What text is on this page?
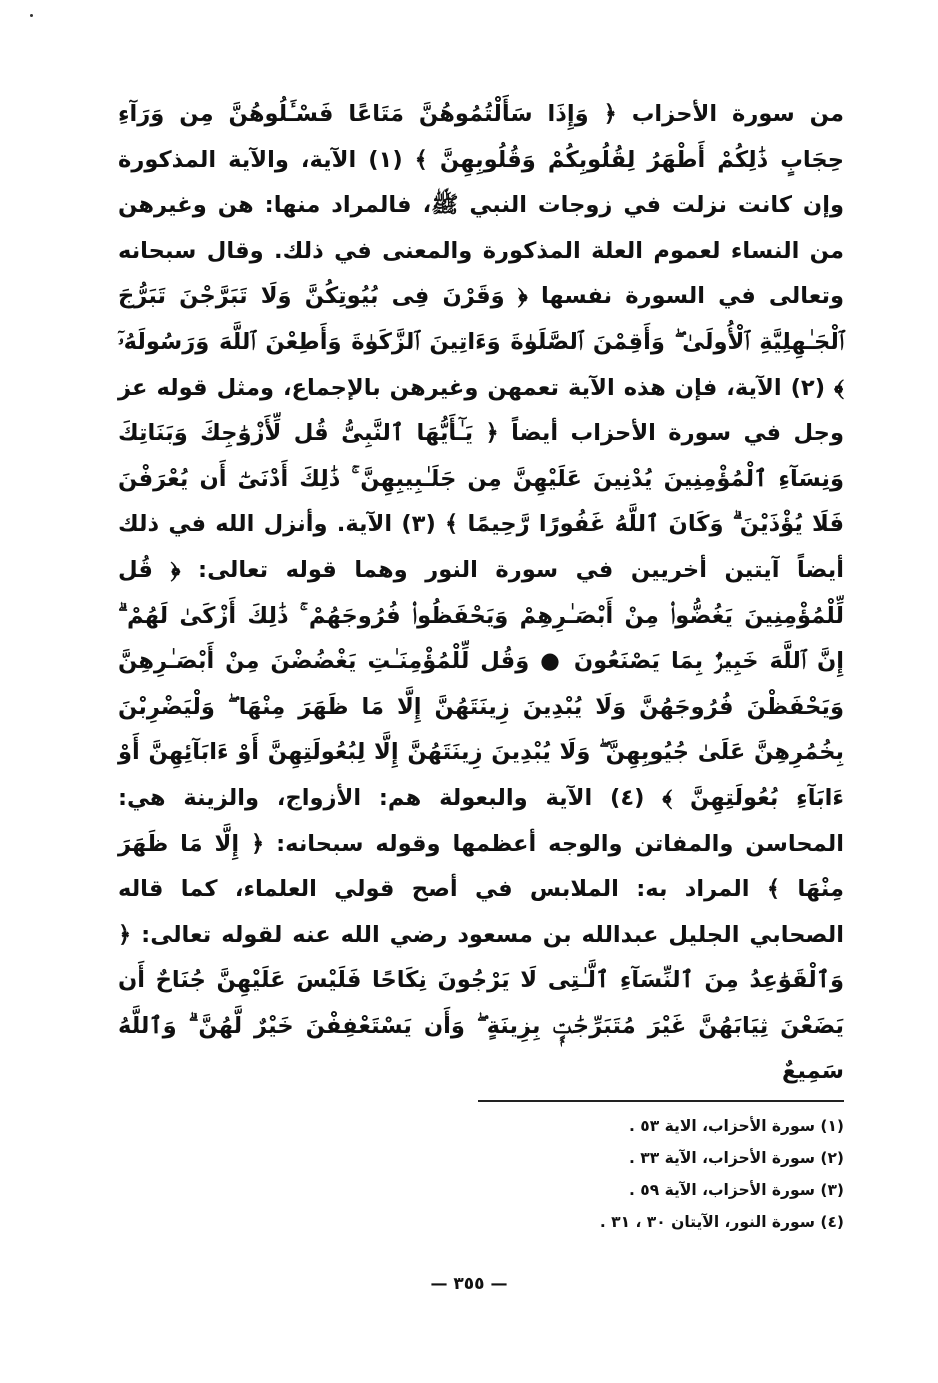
من سورة الأحزاب ﴿ وَإِذَا سَأَلْتُمُوهُنَّ مَتَاعًا فَسْـَٔلُوهُنَّ مِن وَرَآءِ حِجَابٍ ذَٰلِكُمْ أَطْهَرُ لِقُلُوبِكُمْ وَقُلُوبِهِنَّ ﴾ (١) الآية، والآية المذكورة وإن كانت نزلت في زوجات النبي ﷺ، فالمراد منها: هن وغيرهن من النساء لعموم العلة المذكورة والمعنى في ذلك. وقال سبحانه وتعالى في السورة نفسها ﴿ وَقَرْنَ فِى بُيُوتِكُنَّ وَلَا تَبَرَّجْنَ تَبَرُّجَ ٱلْجَـٰهِلِيَّةِ ٱلْأُولَىٰ ۖ وَأَقِمْنَ ٱلصَّلَوٰةَ وَءَاتِينَ ٱلزَّكَوٰةَ وَأَطِعْنَ ٱللَّهَ وَرَسُولَهُۥٓ ﴾ (٢) الآية، فإن هذه الآية تعمهن وغيرهن بالإجماع، ومثل قوله عز وجل في سورة الأحزاب أيضاً ﴿ يَـٰٓأَيُّهَا ٱلنَّبِىُّ قُل لِّأَزْوَٰجِكَ وَبَنَاتِكَ وَنِسَآءِ ٱلْمُؤْمِنِينَ يُدْنِينَ عَلَيْهِنَّ مِن جَلَـٰبِيبِهِنَّ ۚ ذَٰلِكَ أَدْنَىٰٓ أَن يُعْرَفْنَ فَلَا يُؤْذَيْنَ ۗ وَكَانَ ٱللَّهُ غَفُورًا رَّحِيمًا ﴾ (٣) الآية. وأنزل الله في ذلك أيضاً آيتين أخريين في سورة النور وهما قوله تعالى: ﴿ قُل لِّلْمُؤْمِنِينَ يَغُضُّوا۟ مِنْ أَبْصَـٰرِهِمْ وَيَحْفَظُوا۟ فُرُوجَهُمْ ۚ ذَٰلِكَ أَزْكَىٰ لَهُمْ ۗ إِنَّ ٱللَّهَ خَبِيرٌۢ بِمَا يَصْنَعُونَ ● وَقُل لِّلْمُؤْمِنَـٰتِ يَغْضُضْنَ مِنْ أَبْصَـٰرِهِنَّ وَيَحْفَظْنَ فُرُوجَهُنَّ وَلَا يُبْدِينَ زِينَتَهُنَّ إِلَّا مَا ظَهَرَ مِنْهَا ۖ وَلْيَضْرِبْنَ بِخُمُرِهِنَّ عَلَىٰ جُيُوبِهِنَّ ۖ وَلَا يُبْدِينَ زِينَتَهُنَّ إِلَّا لِبُعُولَتِهِنَّ أَوْ ءَابَآئِهِنَّ أَوْ ءَابَآءِ بُعُولَتِهِنَّ ﴾ (٤) الآية والبعولة هم: الأزواج، والزينة هي: المحاسن والمفاتن والوجه أعظمها وقوله سبحانه: ﴿ إِلَّا مَا ظَهَرَ مِنْهَا ﴾ المراد به: الملابس في أصح قولي العلماء، كما قاله الصحابي الجليل عبدالله بن مسعود رضي الله عنه لقوله تعالى: ﴿ وَٱلْقَوَٰعِدُ مِنَ ٱلنِّسَآءِ ٱلَّـٰتِى لَا يَرْجُونَ نِكَاحًا فَلَيْسَ عَلَيْهِنَّ جُنَاحٌ أَن يَضَعْنَ ثِيَابَهُنَّ غَيْرَ مُتَبَرِّجَٰتٍۭ بِزِينَةٍ ۖ وَأَن يَسْتَعْفِفْنَ خَيْرٌ لَّهُنَّ ۗ وَٱللَّهُ سَمِيعٌ

(١) سورة الأحزاب، الاية ٥٣ .
(٢) سورة الأحزاب، الآية ٣٣ .
(٣) سورة الأحزاب، الآية ٥٩ .
(٤) سورة النور، الآيتان ٣٠ ، ٣١ .
— ٣٥٥ —
